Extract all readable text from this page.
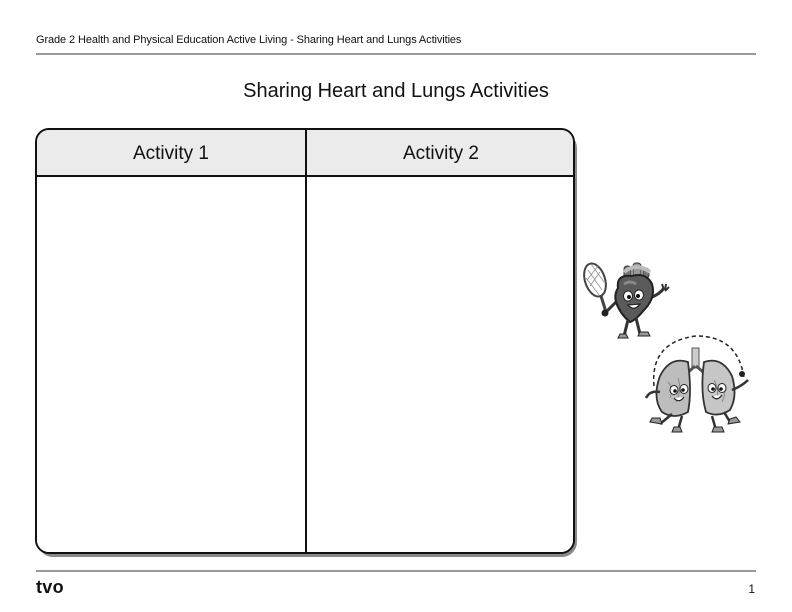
Grade 2 Health and Physical Education Active Living - Sharing Heart and Lungs Activities
Sharing Heart and Lungs Activities
Activity 1	Activity 2
tvo	1
